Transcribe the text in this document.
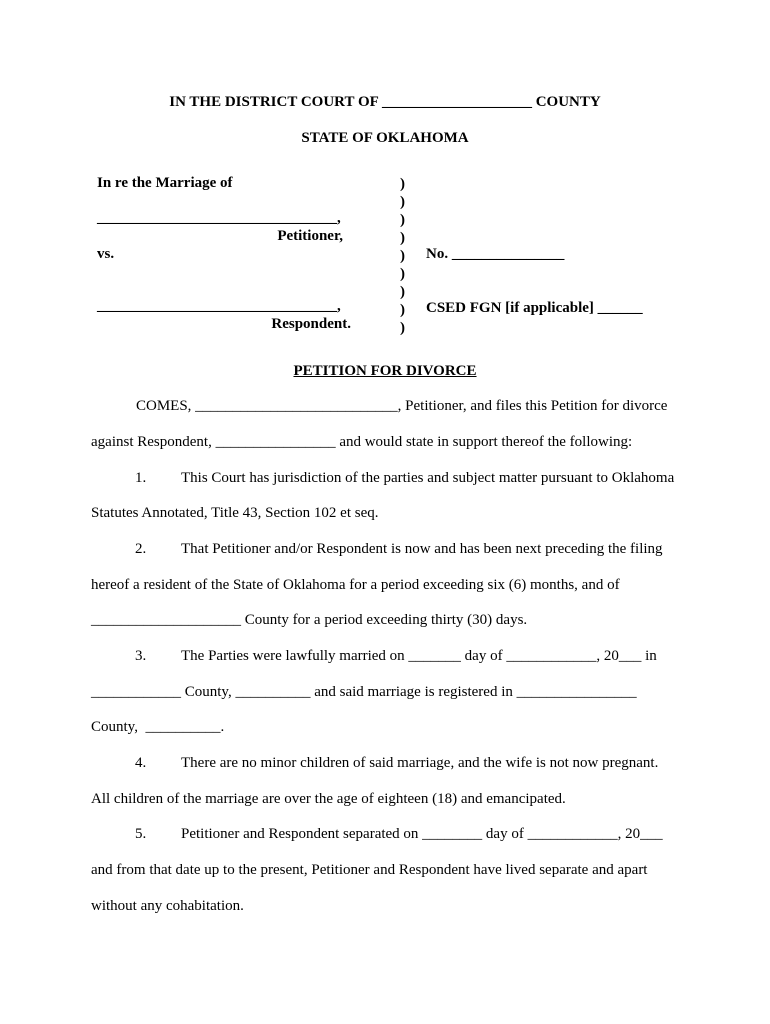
IN THE DISTRICT COURT OF ____________________ COUNTY
STATE OF OKLAHOMA
In re the Marriage of
________________________________,
Petitioner,
vs.
________________________________,
Respondent.
)
)
)
)
)
)
)
)
)
No. _______________
CSED FGN [if applicable] ______
PETITION FOR DIVORCE
COMES, ___________________________, Petitioner, and files this Petition for divorce
against Respondent, ________________ and would state in support thereof the following:
1. This Court has jurisdiction of the parties and subject matter pursuant to Oklahoma
Statutes Annotated, Title 43, Section 102 et seq.
2. That Petitioner and/or Respondent is now and has been next preceding the filing
hereof a resident of the State of Oklahoma for a period exceeding six (6) months, and of
____________________ County for a period exceeding thirty (30) days.
3. The Parties were lawfully married on _______ day of ____________, 20___ in
____________ County, __________ and said marriage is registered in ________________
County,  __________.
4. There are no minor children of said marriage, and the wife is not now pregnant.
All children of the marriage are over the age of eighteen (18) and emancipated.
5. Petitioner and Respondent separated on ________ day of ____________, 20___
and from that date up to the present, Petitioner and Respondent have lived separate and apart
without any cohabitation.
